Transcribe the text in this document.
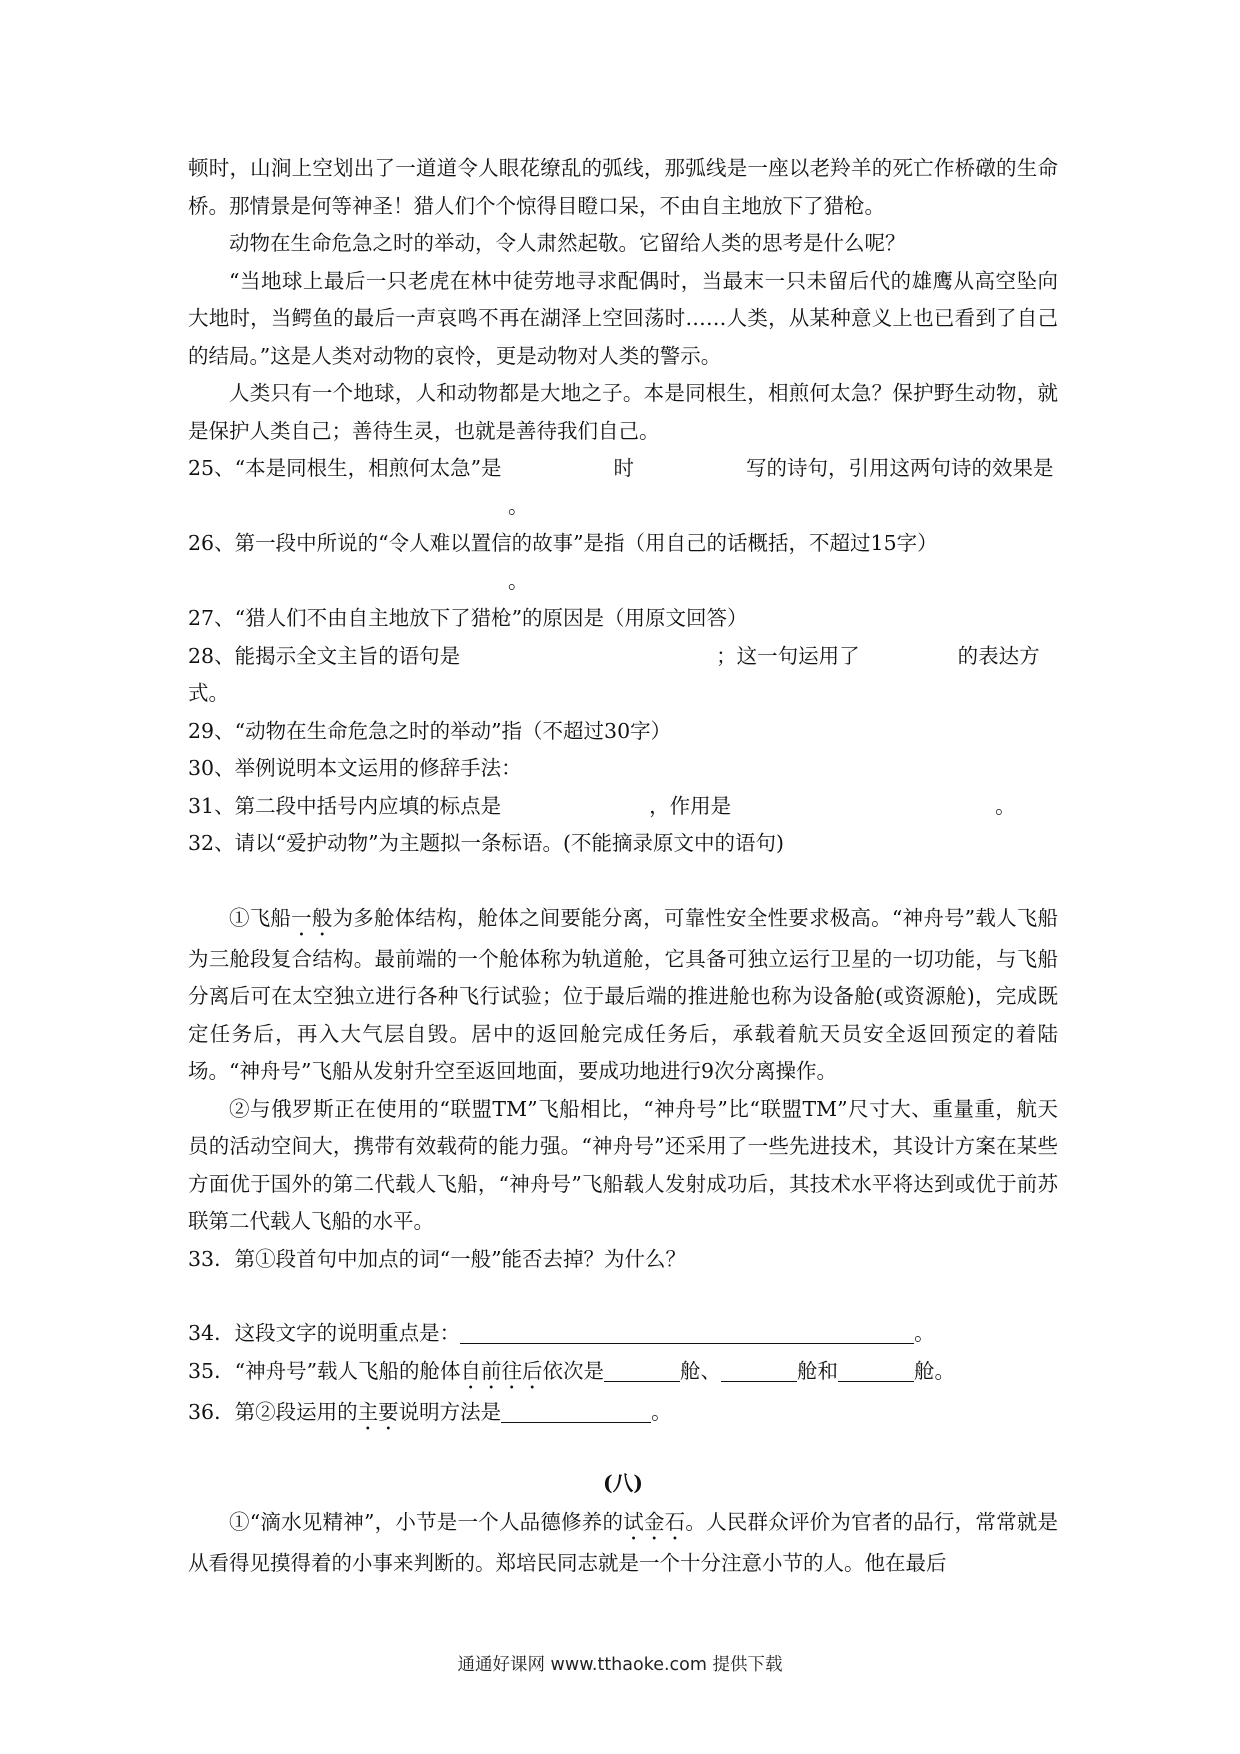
顿时，山涧上空划出了一道道令人眼花缭乱的弧线，那弧线是一座以老羚羊的死亡作桥礅的生命桥。那情景是何等神圣！猎人们个个惊得目瞪口呆，不由自主地放下了猎枪。

动物在生命危急之时的举动，令人肃然起敬。它留给人类的思考是什么呢？

“当地球上最后一只老虎在林中徒劳地寻求配偶时，当最末一只未留后代的雄鹰从高空坠向大地时，当鳄鱼的最后一声哀鸣不再在湖泽上空回荡时……人类，从某种意义上也已看到了自己的结局。”这是人类对动物的哀怜，更是动物对人类的警示。

人类只有一个地球，人和动物都是大地之子。本是同根生，相煎何太急？保护野生动物，就是保护人类自己；善待生灵，也就是善待我们自己。

25、“本是同根生，相煎何太急”是	时	写的诗句，引用这两句诗的效果是。

26、第一段中所说的“令人难以置信的故事”是指（用自己的话概括，不超过15字）。

27、“猎人们不由自主地放下了猎枪”的原因是（用原文回答）

28、能揭示全文主旨的语句是	；这一句运用了	的表达方式。

29、“动物在生命危急之时的举动”指（不超过30字）

30、举例说明本文运用的修辞手法：

31、第二段中括号内应填的标点是	，作用是	。

32、请以“爱护动物”为主题拟一条标语。(不能摘录原文中的语句)

①飞船一般为多舱体结构，舱体之间要能分离，可靠性安全性要求极高。“神舟号”载人飞船为三舱段复合结构。最前端的一个舱体称为轨道舱，它具备可独立运行卫星的一切功能，与飞船分离后可在太空独立进行各种飞行试验；位于最后端的推进舱也称为设备舱(或资源舱)，完成既定任务后，再入大气层自毁。居中的返回舱完成任务后，承载着航天员安全返回预定的着陆场。“神舟号”飞船从发射升空至返回地面，要成功地进行9次分离操作。

②与俄罗斯正在使用的“联盟TM”飞船相比，“神舟号”比“联盟TM”尺寸大、重量重，航天员的活动空间大，携带有效载荷的能力强。“神舟号”还采用了一些先进技术，其设计方案在某些方面优于国外的第二代载人飞船，“神舟号”飞船载人发射成功后，其技术水平将达到或优于前苏联第二代载人飞船的水平。

33．第①段首句中加点的词“一般”能否去掉？为什么？

34．这段文字的说明重点是：	。

35．“神舟号”载人飞船的舱体自前往后依次是	舱、	舱和	舱。

36．第②段运用的主要说明方法是	。

(八)

①“滴水见精神”，小节是一个人品德修养的试金石。人民群众评价为官者的品行，常常就是从看得见摸得着的小事来判断的。郑培民同志就是一个十分注意小节的人。他在最后

通通好课网 www.tthaoke.com 提供下载
